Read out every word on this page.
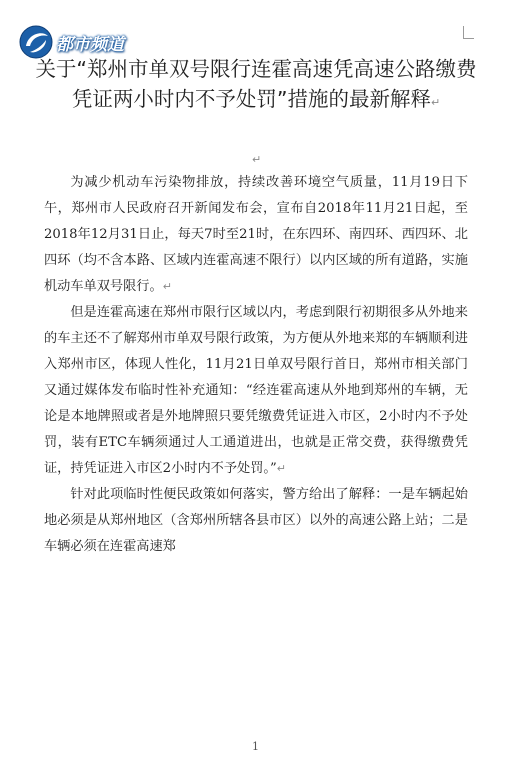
都市频道
关于“郑州市单双号限行连霍高速凭高速公路缴费凭证两小时内不予处罚”措施的最新解释↵
↵

为减少机动车污染物排放，持续改善环境空气质量，11月19日下午，郑州市人民政府召开新闻发布会，宣布自2018年11月21日起，至2018年12月31日止，每天7时至21时，在东四环、南四环、西四环、北四环（均不含本路、区域内连霍高速不限行）以内区域的所有道路，实施机动车单双号限行。↵

但是连霍高速在郑州市限行区域以内，考虑到限行初期很多从外地来的车主还不了解郑州市单双号限行政策，为方便从外地来郑的车辆顺利进入郑州市区，体现人性化，11月21日单双号限行首日，郑州市相关部门又通过媒体发布临时性补充通知：“经连霍高速从外地到郑州的车辆，无论是本地牌照或者是外地牌照只要凭缴费凭证进入市区，2小时内不予处罚，装有ETC车辆须通过人工通道进出，也就是正常交费，获得缴费凭证，持凭证进入市区2小时内不予处罚。”↵

针对此项临时性便民政策如何落实，警方给出了解释：一是车辆起始地必须是从郑州地区（含郑州所辖各县市区）以外的高速公路上站；二是车辆必须在连霍高速郑

1
